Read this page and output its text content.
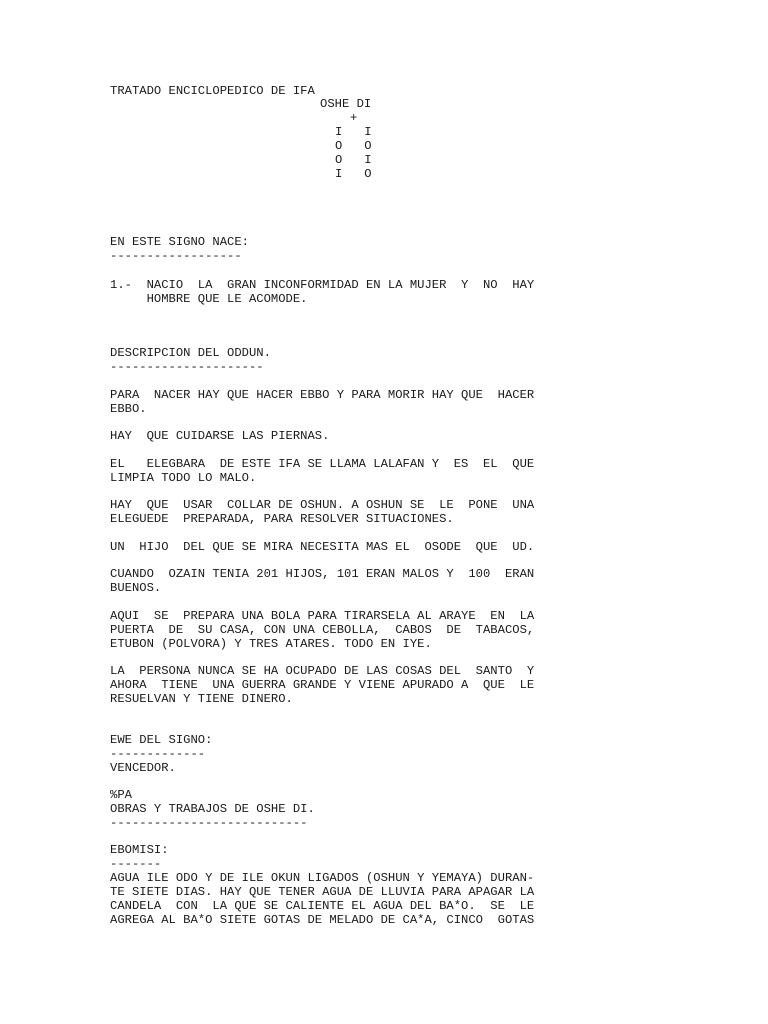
TRATADO ENCICLOPEDICO DE IFA

OSHE DI

+

I   I

O   O

O   I

I   O

EN ESTE SIGNO NACE:

------------------

1.-  NACIO  LA  GRAN INCONFORMIDAD EN LA MUJER  Y  NO  HAY

HOMBRE QUE LE ACOMODE.

DESCRIPCION DEL ODDUN.

---------------------

PARA  NACER HAY QUE HACER EBBO Y PARA MORIR HAY QUE  HACER

EBBO.

HAY  QUE CUIDARSE LAS PIERNAS.

EL   ELEGBARA  DE ESTE IFA SE LLAMA LALAFAN Y  ES  EL  QUE

LIMPIA TODO LO MALO.

HAY  QUE  USAR  COLLAR DE OSHUN. A OSHUN SE  LE  PONE  UNA

ELEGUEDE  PREPARADA, PARA RESOLVER SITUACIONES.

UN  HIJO  DEL QUE SE MIRA NECESITA MAS EL  OSODE  QUE  UD.

CUANDO  OZAIN TENIA 201 HIJOS, 101 ERAN MALOS Y  100  ERAN

BUENOS.

AQUI  SE  PREPARA UNA BOLA PARA TIRARSELA AL ARAYE  EN  LA

PUERTA  DE  SU CASA, CON UNA CEBOLLA,  CABOS  DE  TABACOS,

ETUBON (POLVORA) Y TRES ATARES. TODO EN IYE.

LA  PERSONA NUNCA SE HA OCUPADO DE LAS COSAS DEL  SANTO  Y

AHORA  TIENE  UNA GUERRA GRANDE Y VIENE APURADO A  QUE  LE

RESUELVAN Y TIENE DINERO.

EWE DEL SIGNO:

-------------

VENCEDOR.

%PA

OBRAS Y TRABAJOS DE OSHE DI.

---------------------------

EBOMISI:

-------

AGUA ILE ODO Y DE ILE OKUN LIGADOS (OSHUN Y YEMAYA) DURAN-

TE SIETE DIAS. HAY QUE TENER AGUA DE LLUVIA PARA APAGAR LA

CANDELA  CON  LA QUE SE CALIENTE EL AGUA DEL BA*O.  SE  LE

AGREGA AL BA*O SIETE GOTAS DE MELADO DE CA*A, CINCO  GOTAS
